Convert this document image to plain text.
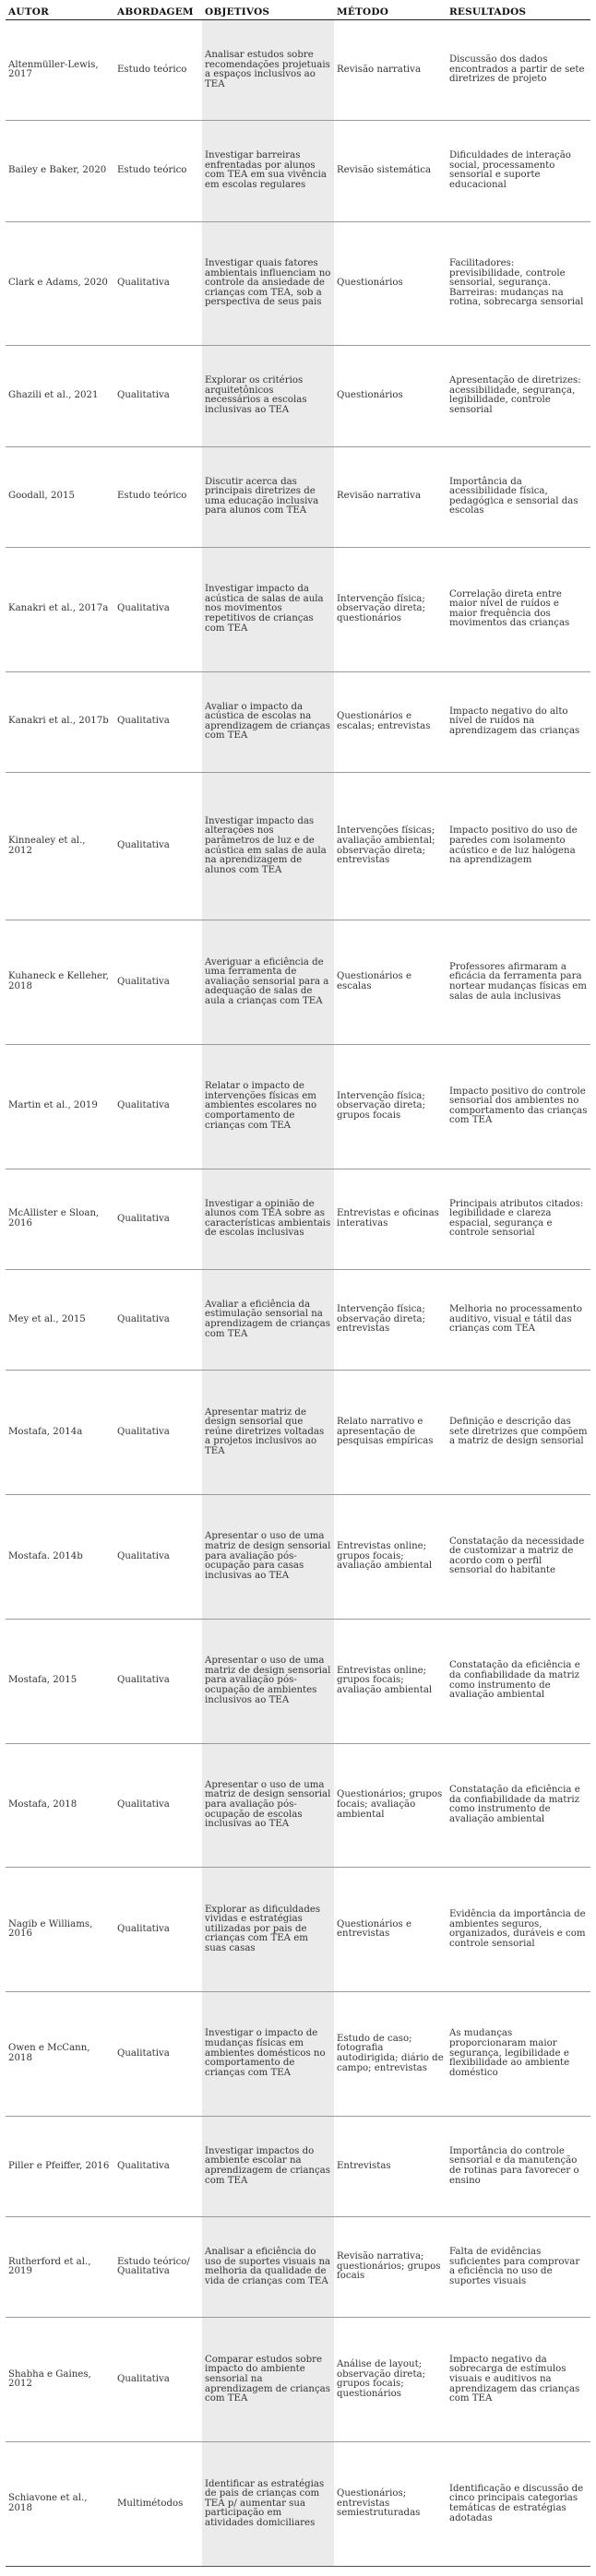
AUTOR	ABORDAGEM	OBJETIVOS	MÉTODO	RESULTADOS
Altenmüller-Lewis, 2017	Estudo teórico	Analisar estudos sobre recomendações projetuais a espaços inclusivos ao TEA	Revisão narrativa	Discussão dos dados encontrados a partir de sete diretrizes de projeto
Bailey e Baker, 2020	Estudo teórico	Investigar barreiras enfrentadas por alunos com TEA em sua vivência em escolas regulares	Revisão sistemática	Dificuldades de interação social, processamento sensorial e suporte educacional
Clark e Adams, 2020	Qualitativa	Investigar quais fatores ambientais influenciam no controle da ansiedade de crianças com TEA, sob a perspectiva de seus pais	Questionários	Facilitadores: previsibilidade, controle sensorial, segurança. Barreiras: mudanças na rotina, sobrecarga sensorial
Ghazili et al., 2021	Qualitativa	Explorar os critérios arquitetônicos necessários a escolas inclusivas ao TEA	Questionários	Apresentação de diretrizes: acessibilidade, segurança, legibilidade, controle sensorial
Goodall, 2015	Estudo teórico	Discutir acerca das principais diretrizes de uma educação inclusiva para alunos com TEA	Revisão narrativa	Importância da acessibilidade física, pedagógica e sensorial das escolas
Kanakri et al., 2017a	Qualitativa	Investigar impacto da acústica de salas de aula nos movimentos repetitivos de crianças com TEA	Intervenção física; observação direta; questionários	Correlação direta entre maior nível de ruídos e maior frequência dos movimentos das crianças
Kanakri et al., 2017b	Qualitativa	Avaliar o impacto da acústica de escolas na aprendizagem de crianças com TEA	Questionários e escalas; entrevistas	Impacto negativo do alto nível de ruídos na aprendizagem das crianças
Kinnealey et al., 2012	Qualitativa	Investigar impacto das alterações nos parâmetros de luz e de acústica em salas de aula na aprendizagem de alunos com TEA	Intervenções físicas; avaliação ambiental; observação direta; entrevistas	Impacto positivo do uso de paredes com isolamento acústico e de luz halógena na aprendizagem
Kuhaneck e Kelleher, 2018	Qualitativa	Averiguar a eficiência de uma ferramenta de avaliação sensorial para a adequação de salas de aula a crianças com TEA	Questionários e escalas	Professores afirmaram a eficácia da ferramenta para nortear mudanças físicas em salas de aula inclusivas
Martin et al., 2019	Qualitativa	Relatar o impacto de intervenções físicas em ambientes escolares no comportamento de crianças com TEA	Intervenção física; observação direta; grupos focais	Impacto positivo do controle sensorial dos ambientes no comportamento das crianças com TEA
McAllister e Sloan, 2016	Qualitativa	Investigar a opinião de alunos com TEA sobre as características ambientais de escolas inclusivas	Entrevistas e oficinas interativas	Principais atributos citados: legibilidade e clareza espacial, segurança e controle sensorial
Mey et al., 2015	Qualitativa	Avaliar a eficiência da estimulação sensorial na aprendizagem de crianças com TEA	Intervenção física; observação direta; entrevistas	Melhoria no processamento auditivo, visual e tátil das crianças com TEA
Mostafa, 2014a	Qualitativa	Apresentar matriz de design sensorial que reúne diretrizes voltadas a projetos inclusivos ao TEA	Relato narrativo e apresentação de pesquisas empíricas	Definição e descrição das sete diretrizes que compõem a matriz de design sensorial
Mostafa. 2014b	Qualitativa	Apresentar o uso de uma matriz de design sensorial para avaliação pós-ocupação para casas inclusivas ao TEA	Entrevistas online; grupos focais; avaliação ambiental	Constatação da necessidade de customizar a matriz de acordo com o perfil sensorial do habitante
Mostafa, 2015	Qualitativa	Apresentar o uso de uma matriz de design sensorial para avaliação pós-ocupação de ambientes inclusivos ao TEA	Entrevistas online; grupos focais; avaliação ambiental	Constatação da eficiência e da confiabilidade da matriz como instrumento de avaliação ambiental
Mostafa, 2018	Qualitativa	Apresentar o uso de uma matriz de design sensorial para avaliação pós-ocupação de escolas inclusivas ao TEA	Questionários; grupos focais; avaliação ambiental	Constatação da eficiência e da confiabilidade da matriz como instrumento de avaliação ambiental
Nagib e Williams, 2016	Qualitativa	Explorar as dificuldades vividas e estratégias utilizadas por pais de crianças com TEA em suas casas	Questionários e entrevistas	Evidência da importância de ambientes seguros, organizados, duráveis e com controle sensorial
Owen e McCann, 2018	Qualitativa	Investigar o impacto de mudanças físicas em ambientes domésticos no comportamento de crianças com TEA	Estudo de caso; fotografia autodirigida; diário de campo; entrevistas	As mudanças proporcionaram maior segurança, legibilidade e flexibilidade ao ambiente doméstico
Piller e Pfeiffer, 2016	Qualitativa	Investigar impactos do ambiente escolar na aprendizagem de crianças com TEA	Entrevistas	Importância do controle sensorial e da manutenção de rotinas para favorecer o ensino
Rutherford et al., 2019	Estudo teórico/ Qualitativa	Analisar a eficiência do uso de suportes visuais na melhoria da qualidade de vida de crianças com TEA	Revisão narrativa; questionários; grupos focais	Falta de evidências suficientes para comprovar a eficiência no uso de suportes visuais
Shabha e Gaines, 2012	Qualitativa	Comparar estudos sobre impacto do ambiente sensorial na aprendizagem de crianças com TEA	Análise de layout; observação direta; grupos focais; questionários	Impacto negativo da sobrecarga de estímulos visuais e auditivos na aprendizagem das crianças com TEA
Schiavone et al., 2018	Multimétodos	Identificar as estratégias de pais de crianças com TEA p/ aumentar sua participação em atividades domiciliares	Questionários; entrevistas semiestruturadas	Identificação e discussão de cinco principais categorias temáticas de estratégias adotadas
